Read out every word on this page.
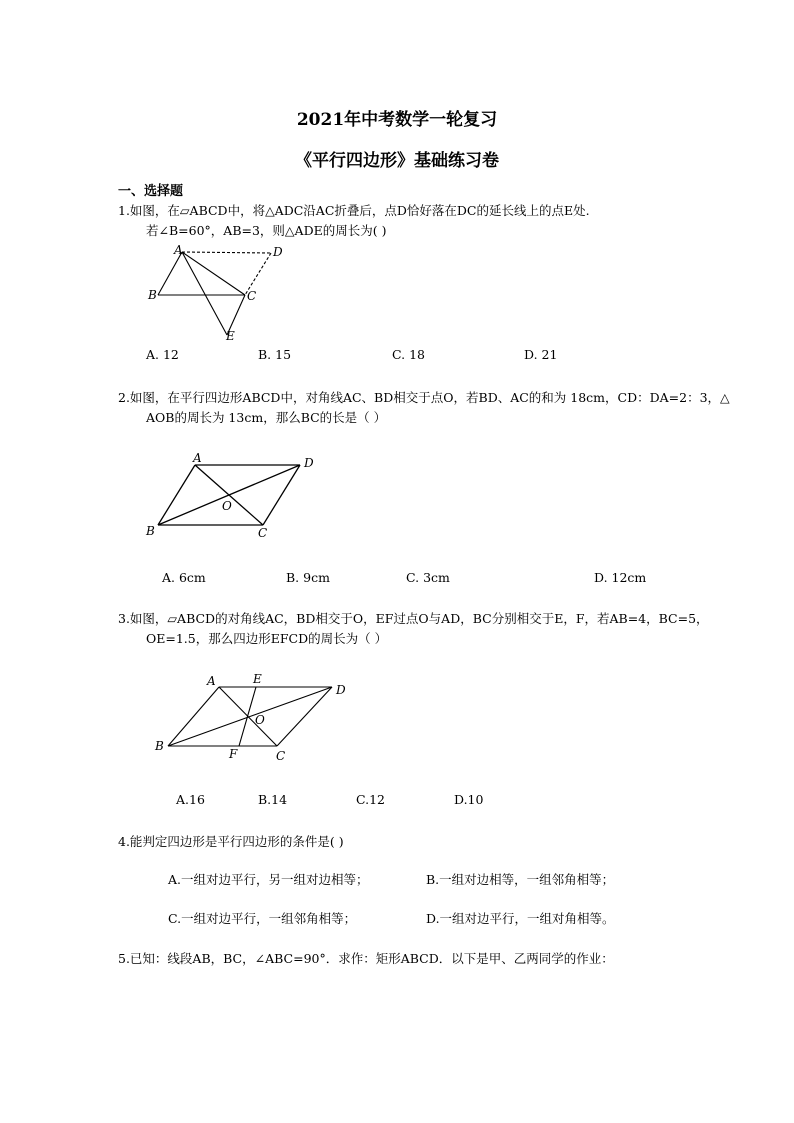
2021年中考数学一轮复习
《平行四边形》基础练习卷
一、选择题
1.如图，在▱ABCD中，将△ADC沿AC折叠后，点D恰好落在DC的延长线上的点E处.
若∠B=60°，AB=3，则△ADE的周长为( )
A	D
B	C
E
A. 12	B. 15	C. 18	D. 21
2.如图，在平行四边形ABCD中，对角线AC、BD相交于点O，若BD、AC的和为 18cm，CD：DA=2：3，△
AOB的周长为 13cm，那么BC的长是（ ）
A	D
B	C
O
A. 6cm	B. 9cm	C. 3cm	D. 12cm
3.如图，▱ABCD的对角线AC，BD相交于O，EF过点O与AD，BC分别相交于E，F，若AB=4，BC=5，
OE=1.5，那么四边形EFCD的周长为（ ）
A	E
D
B
F	C
O
A.16	B.14	C.12	D.10
4.能判定四边形是平行四边形的条件是( )
A.一组对边平行，另一组对边相等；	B.一组对边相等，一组邻角相等；
C.一组对边平行，一组邻角相等；	D.一组对边平行，一组对角相等。
5.已知：线段AB，BC，∠ABC=90°．求作：矩形ABCD．以下是甲、乙两同学的作业：
